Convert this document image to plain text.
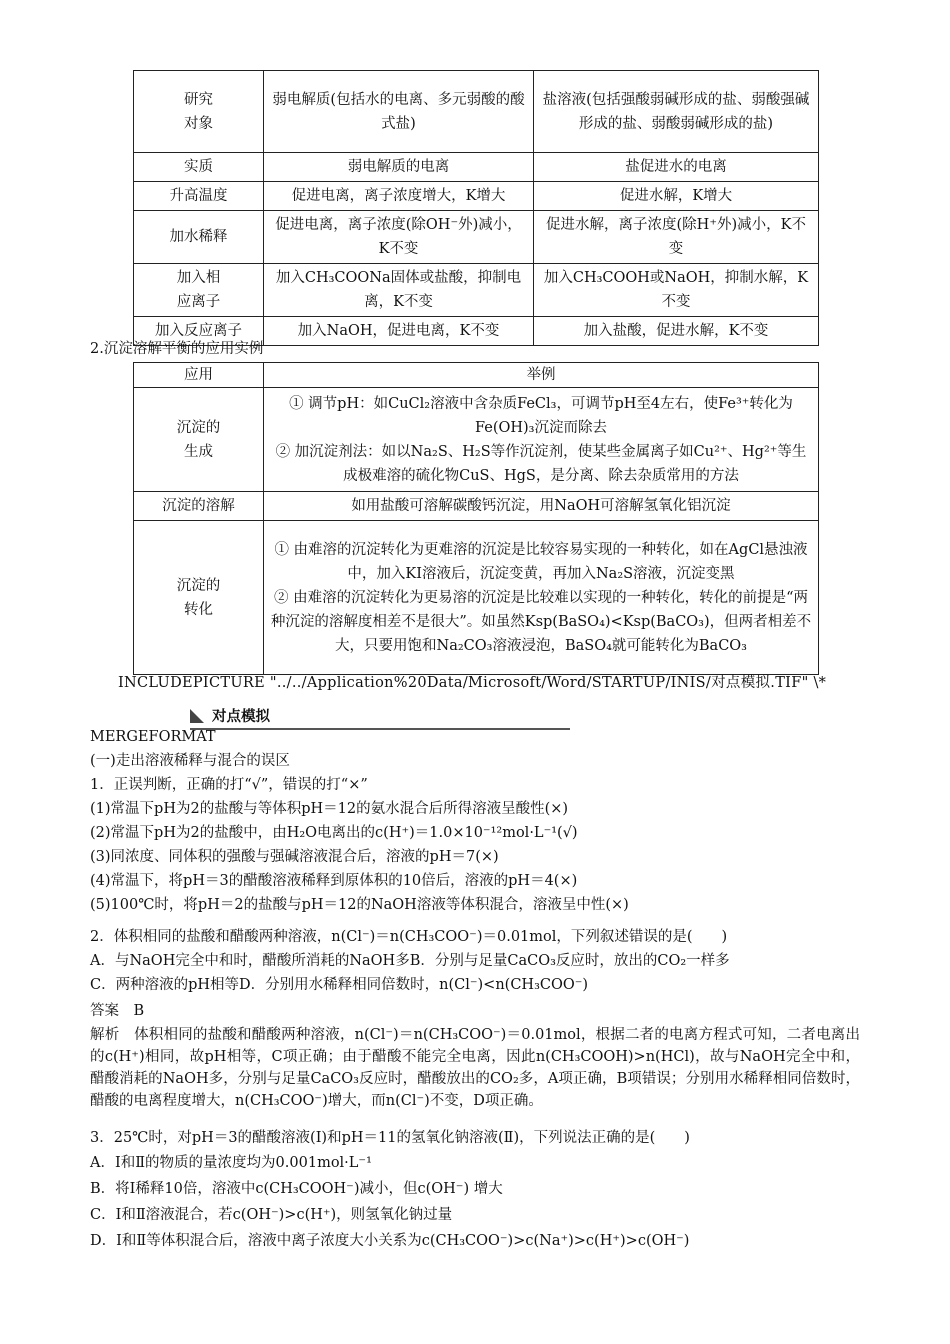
研究
对象	弱电解质(包括水的电离、多元弱酸的酸式盐)	盐溶液(包括强酸弱碱形成的盐、弱酸强碱形成的盐、弱酸弱碱形成的盐)
实质	弱电解质的电离	盐促进水的电离
升高温度	促进电离，离子浓度增大，K增大	促进水解，K增大
加水稀释	促进电离，离子浓度(除OH⁻外)减小，K不变	促进水解，离子浓度(除H⁺外)减小，K不变
加入相
应离子	加入CH₃COONa固体或盐酸，抑制电离，K不变	加入CH₃COOH或NaOH，抑制水解，K不变
加入反应离子	加入NaOH，促进电离，K不变	加入盐酸，促进水解，K不变
2.沉淀溶解平衡的应用实例
应用	举例
沉淀的
生成	① 调节pH：如CuCl₂溶液中含杂质FeCl₃，可调节pH至4左右，使Fe³⁺转化为Fe(OH)₃沉淀而除去
② 加沉淀剂法：如以Na₂S、H₂S等作沉淀剂，使某些金属离子如Cu²⁺、Hg²⁺等生成极难溶的硫化物CuS、HgS，是分离、除去杂质常用的方法
沉淀的溶解	如用盐酸可溶解碳酸钙沉淀，用NaOH可溶解氢氧化铝沉淀
沉淀的
转化	① 由难溶的沉淀转化为更难溶的沉淀是比较容易实现的一种转化，如在AgCl悬浊液中，加入KI溶液后，沉淀变黄，再加入Na₂S溶液，沉淀变黑
② 由难溶的沉淀转化为更易溶的沉淀是比较难以实现的一种转化，转化的前提是“两种沉淀的溶解度相差不是很大”。如虽然Ksp(BaSO₄)<Ksp(BaCO₃)，但两者相差不大，只要用饱和Na₂CO₃溶液浸泡，BaSO₄就可能转化为BaCO₃
INCLUDEPICTURE "../../Application%20Data/Microsoft/Word/STARTUP/INIS/对点模拟.TIF" \*
对点模拟
MERGEFORMAT
(一)走出溶液稀释与混合的误区
1．正误判断，正确的打“√”，错误的打“×”
(1)常温下pH为2的盐酸与等体积pH＝12的氨水混合后所得溶液呈酸性(×)
(2)常温下pH为2的盐酸中，由H₂O电离出的c(H⁺)＝1.0×10⁻¹²mol·L⁻¹(√)
(3)同浓度、同体积的强酸与强碱溶液混合后，溶液的pH＝7(×)
(4)常温下，将pH＝3的醋酸溶液稀释到原体积的10倍后，溶液的pH＝4(×)
(5)100℃时，将pH＝2的盐酸与pH＝12的NaOH溶液等体积混合，溶液呈中性(×)
2．体积相同的盐酸和醋酸两种溶液，n(Cl⁻)＝n(CH₃COO⁻)＝0.01mol，下列叙述错误的是(　　)
A．与NaOH完全中和时，醋酸所消耗的NaOH多B．分别与足量CaCO₃反应时，放出的CO₂一样多
C．两种溶液的pH相等D．分别用水稀释相同倍数时，n(Cl⁻)<n(CH₃COO⁻)
答案　B
解析　体积相同的盐酸和醋酸两种溶液，n(Cl⁻)＝n(CH₃COO⁻)＝0.01mol，根据二者的电离方程式可知，二者电离出的c(H⁺)相同，故pH相等，C项正确；由于醋酸不能完全电离，因此n(CH₃COOH)>n(HCl)，故与NaOH完全中和，醋酸消耗的NaOH多，分别与足量CaCO₃反应时，醋酸放出的CO₂多，A项正确，B项错误；分别用水稀释相同倍数时，醋酸的电离程度增大，n(CH₃COO⁻)增大，而n(Cl⁻)不变，D项正确。
3．25℃时，对pH＝3的醋酸溶液(Ⅰ)和pH＝11的氢氧化钠溶液(Ⅱ)，下列说法正确的是(　　)
A．Ⅰ和Ⅱ的物质的量浓度均为0.001mol·L⁻¹
B．将Ⅰ稀释10倍，溶液中c(CH₃COOH⁻)减小，但c(OH⁻) 增大
C．Ⅰ和Ⅱ溶液混合，若c(OH⁻)>c(H⁺)，则氢氧化钠过量
D．Ⅰ和Ⅱ等体积混合后，溶液中离子浓度大小关系为c(CH₃COO⁻)>c(Na⁺)>c(H⁺)>c(OH⁻)
